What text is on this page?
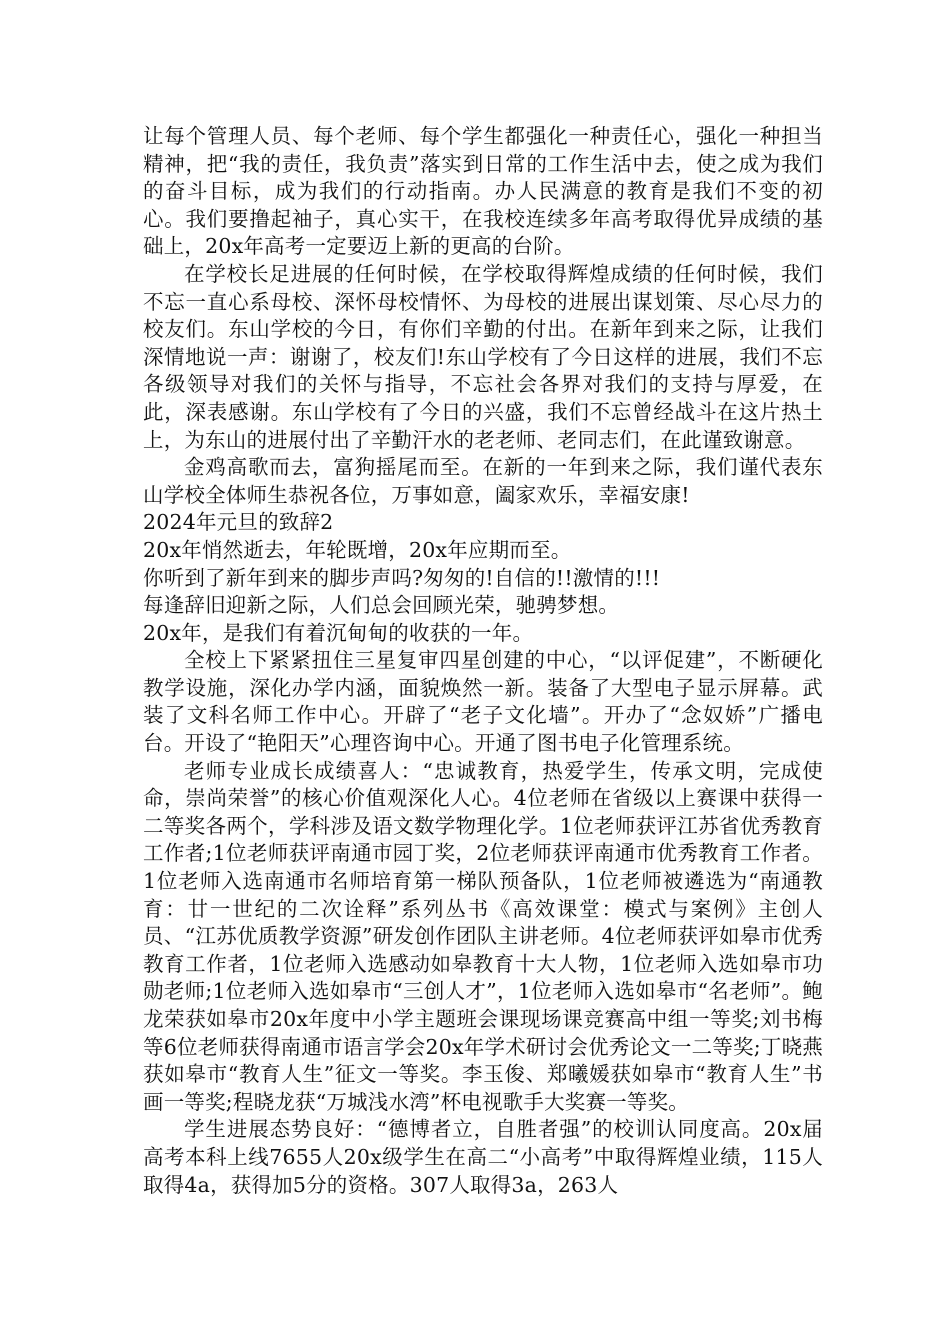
让每个管理人员、每个老师、每个学生都强化一种责任心，强化一种担当精神，把“我的责任，我负责”落实到日常的工作生活中去，使之成为我们的奋斗目标，成为我们的行动指南。办人民满意的教育是我们不变的初心。我们要撸起袖子，真心实干，在我校连续多年高考取得优异成绩的基础上，20x年高考一定要迈上新的更高的台阶。

在学校长足进展的任何时候，在学校取得辉煌成绩的任何时候，我们不忘一直心系母校、深怀母校情怀、为母校的进展出谋划策、尽心尽力的校友们。东山学校的今日，有你们辛勤的付出。在新年到来之际，让我们深情地说一声：谢谢了，校友们!东山学校有了今日这样的进展，我们不忘各级领导对我们的关怀与指导，不忘社会各界对我们的支持与厚爱，在此，深表感谢。东山学校有了今日的兴盛，我们不忘曾经战斗在这片热土上，为东山的进展付出了辛勤汗水的老老师、老同志们，在此谨致谢意。

金鸡高歌而去，富狗摇尾而至。在新的一年到来之际，我们谨代表东山学校全体师生恭祝各位，万事如意，阖家欢乐，幸福安康!

2024年元旦的致辞2

20x年悄然逝去，年轮既增，20x年应期而至。

你听到了新年到来的脚步声吗?匆匆的!自信的!!激情的!!!

每逢辞旧迎新之际，人们总会回顾光荣，驰骋梦想。

20x年，是我们有着沉甸甸的收获的一年。

全校上下紧紧扭住三星复审四星创建的中心，“以评促建”，不断硬化教学设施，深化办学内涵，面貌焕然一新。装备了大型电子显示屏幕。武装了文科名师工作中心。开辟了“老子文化墙”。开办了“念奴娇”广播电台。开设了“艳阳天”心理咨询中心。开通了图书电子化管理系统。

老师专业成长成绩喜人：“忠诚教育，热爱学生，传承文明，完成使命，崇尚荣誉”的核心价值观深化人心。4位老师在省级以上赛课中获得一二等奖各两个，学科涉及语文数学物理化学。1位老师获评江苏省优秀教育工作者;1位老师获评南通市园丁奖，2位老师获评南通市优秀教育工作者。1位老师入选南通市名师培育第一梯队预备队，1位老师被遴选为“南通教育：廿一世纪的二次诠释”系列丛书《高效课堂：模式与案例》主创人员、“江苏优质教学资源”研发创作团队主讲老师。4位老师获评如皋市优秀教育工作者，1位老师入选感动如皋教育十大人物，1位老师入选如皋市功勋老师;1位老师入选如皋市“三创人才”，1位老师入选如皋市“名老师”。鲍龙荣获如皋市20x年度中小学主题班会课现场课竞赛高中组一等奖;刘书梅等6位老师获得南通市语言学会20x年学术研讨会优秀论文一二等奖;丁晓燕获如皋市“教育人生”征文一等奖。李玉俊、郑曦媛获如皋市“教育人生”书画一等奖;程晓龙获“万城浅水湾”杯电视歌手大奖赛一等奖。

学生进展态势良好：“德博者立，自胜者强”的校训认同度高。20x届高考本科上线7655人20x级学生在高二“小高考”中取得辉煌业绩，115人取得4a，获得加5分的资格。307人取得3a，263人
